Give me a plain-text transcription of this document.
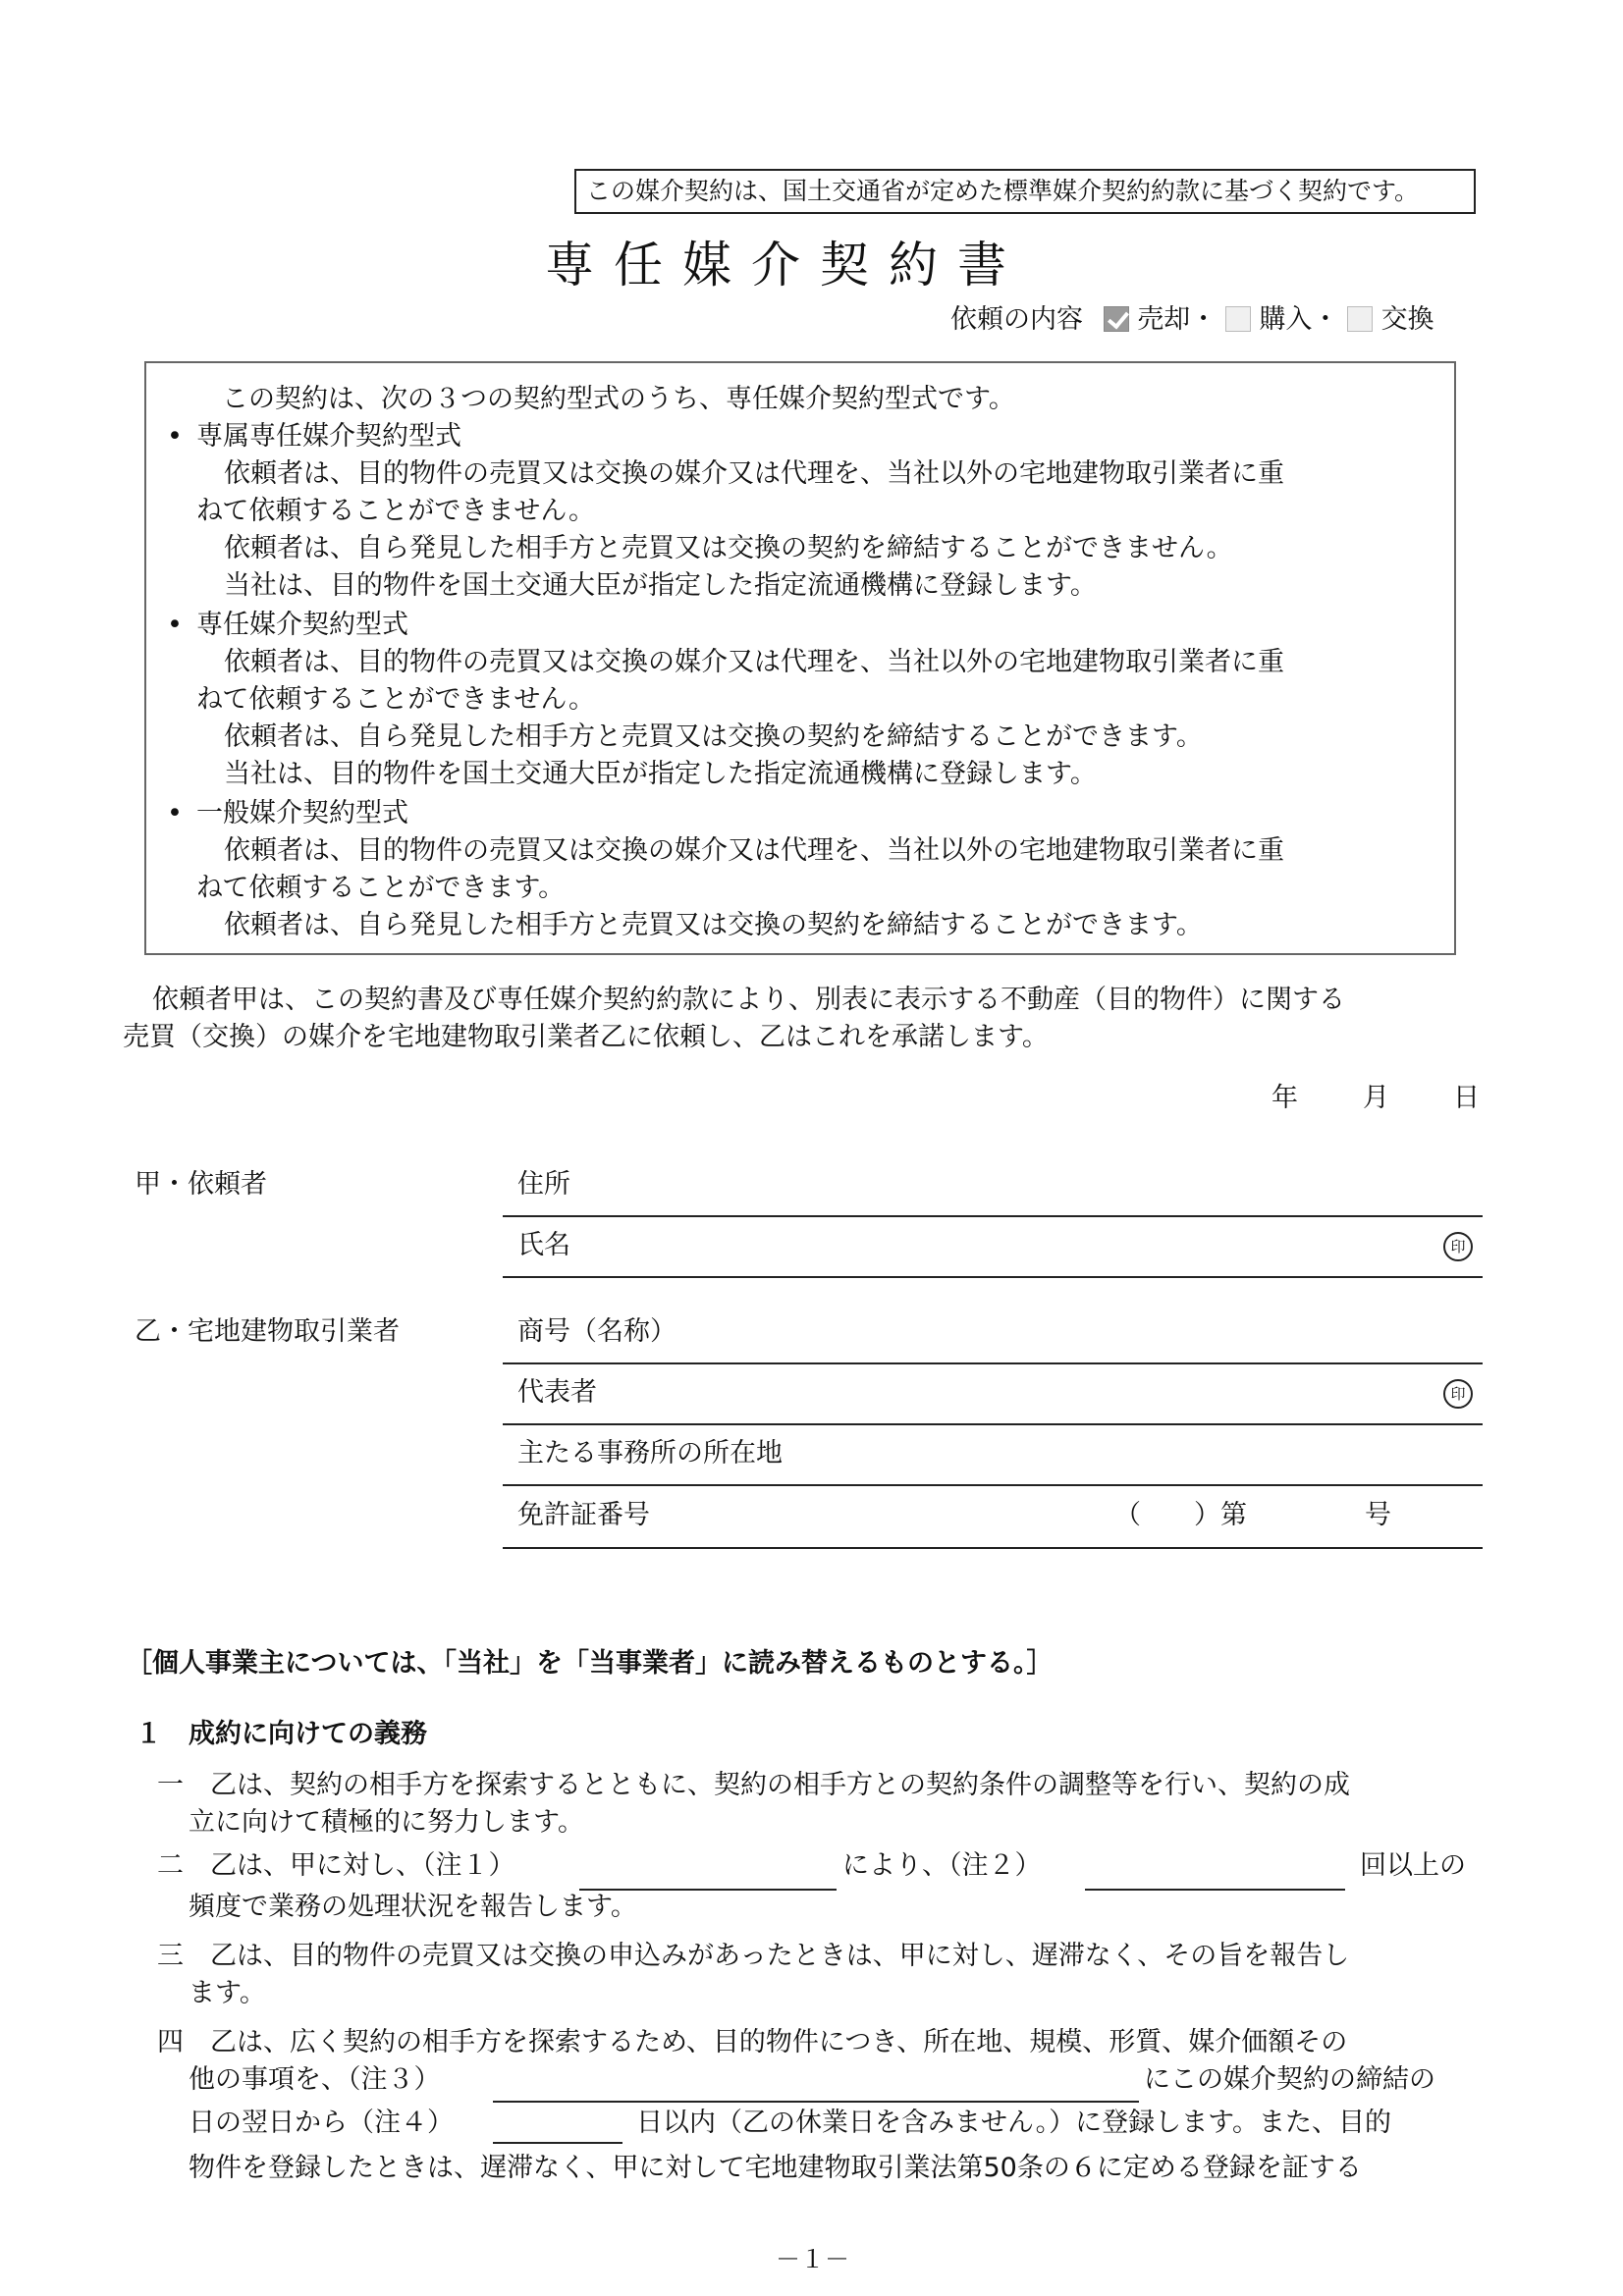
この媒介契約は、国土交通省が定めた標準媒介契約約款に基づく契約です。
専任媒介契約書
依頼の内容 売却・ 購入・ 交換
この契約は、次の３つの契約型式のうち、専任媒介契約型式です。
• 専属専任媒介契約型式
依頼者は、目的物件の売買又は交換の媒介又は代理を、当社以外の宅地建物取引業者に重
ねて依頼することができません。
依頼者は、自ら発見した相手方と売買又は交換の契約を締結することができません。
当社は、目的物件を国土交通大臣が指定した指定流通機構に登録します。
• 専任媒介契約型式
依頼者は、目的物件の売買又は交換の媒介又は代理を、当社以外の宅地建物取引業者に重
ねて依頼することができません。
依頼者は、自ら発見した相手方と売買又は交換の契約を締結することができます。
当社は、目的物件を国土交通大臣が指定した指定流通機構に登録します。
• 一般媒介契約型式
依頼者は、目的物件の売買又は交換の媒介又は代理を、当社以外の宅地建物取引業者に重
ねて依頼することができます。
依頼者は、自ら発見した相手方と売買又は交換の契約を締結することができます。
依頼者甲は、この契約書及び専任媒介契約約款により、別表に表示する不動産（目的物件）に関する
売買（交換）の媒介を宅地建物取引業者乙に依頼し、乙はこれを承諾します。
年 月 日
甲・依頼者	住所
氏名	印
乙・宅地建物取引業者	商号（名称）
代表者	印
主たる事務所の所在地
免許証番号	（　　）第	号
［個人事業主については、「当社」を「当事業者」に読み替えるものとする。］
１　成約に向けての義務
一　乙は、契約の相手方を探索するとともに、契約の相手方との契約条件の調整等を行い、契約の成
立に向けて積極的に努力します。
二　乙は、甲に対し、（注１）	により、（注２）	回以上の
頻度で業務の処理状況を報告します。
三　乙は、目的物件の売買又は交換の申込みがあったときは、甲に対し、遅滞なく、その旨を報告し
ます。
四　乙は、広く契約の相手方を探索するため、目的物件につき、所在地、規模、形質、媒介価額その
他の事項を、（注３）	にこの媒介契約の締結の
日の翌日から（注４）	日以内（乙の休業日を含みません。）に登録します。また、目的
物件を登録したときは、遅滞なく、甲に対して宅地建物取引業法第50条の６に定める登録を証する
－１－
